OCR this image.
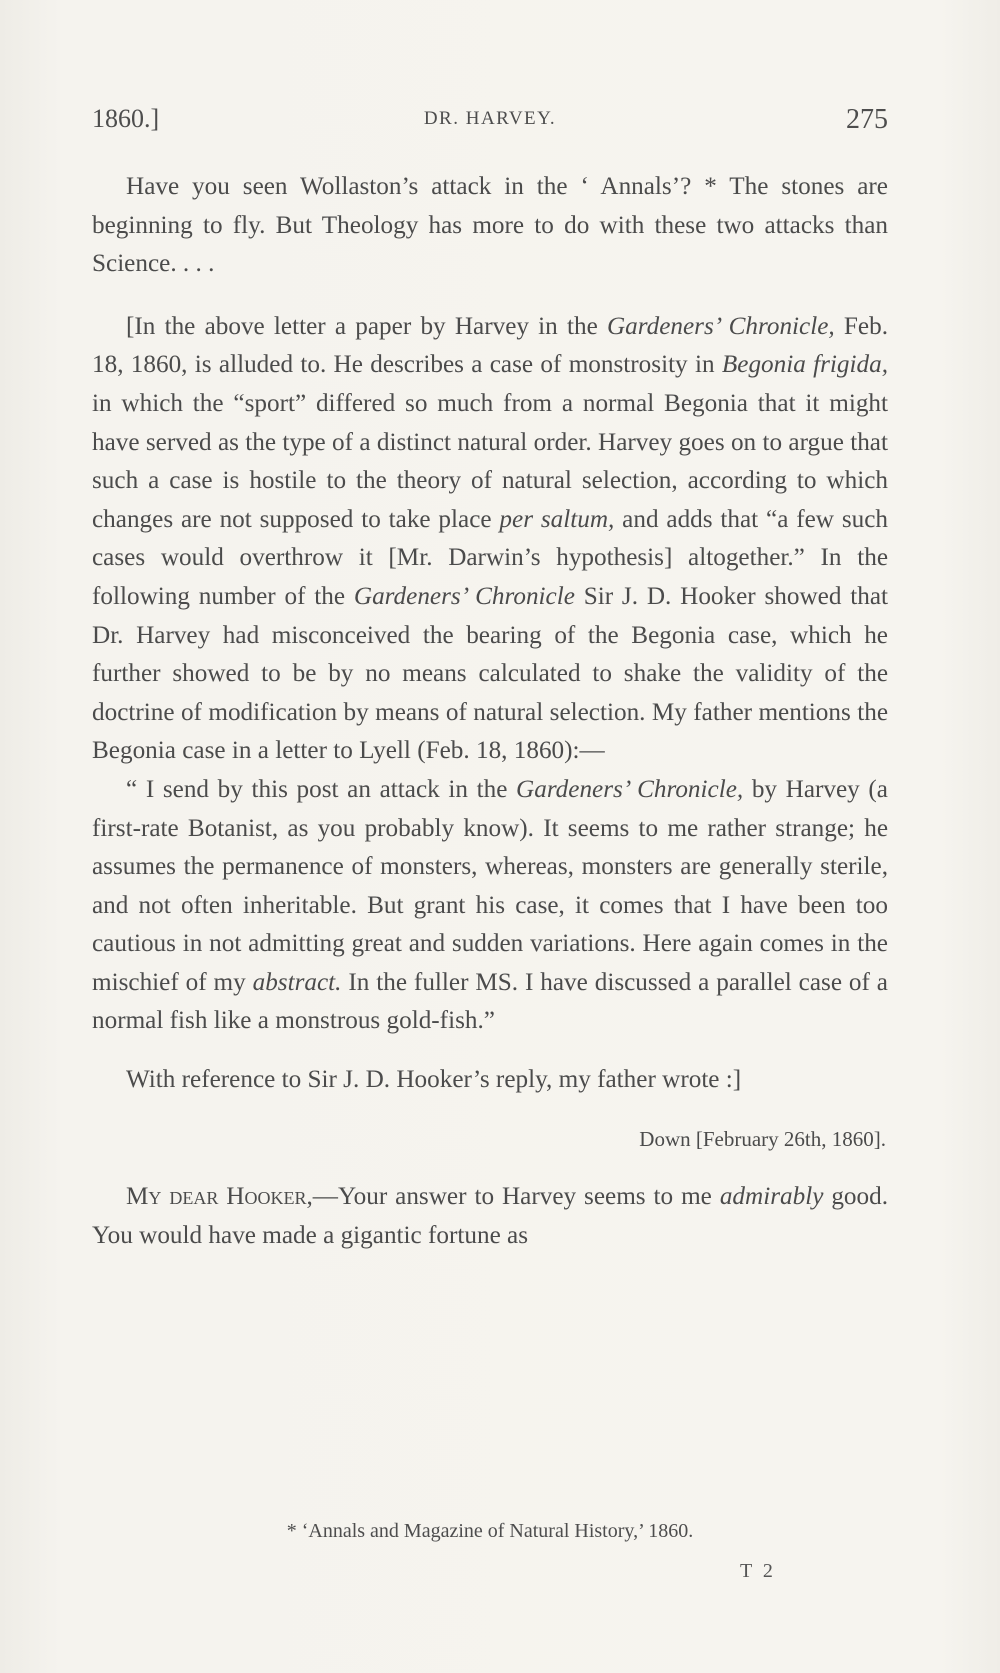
1860.]	DR. HARVEY.	275

Have you seen Wollaston’s attack in the ‘ Annals’? * The stones are beginning to fly. But Theology has more to do with these two attacks than Science. . . .

[In the above letter a paper by Harvey in the Gardeners’ Chronicle, Feb. 18, 1860, is alluded to. He describes a case of monstrosity in Begonia frigida, in which the “sport” differed so much from a normal Begonia that it might have served as the type of a distinct natural order. Harvey goes on to argue that such a case is hostile to the theory of natural selection, according to which changes are not supposed to take place per saltum, and adds that “a few such cases would overthrow it [Mr. Darwin’s hypothesis] altogether.” In the following number of the Gardeners’ Chronicle Sir J. D. Hooker showed that Dr. Harvey had misconceived the bearing of the Begonia case, which he further showed to be by no means calculated to shake the validity of the doctrine of modification by means of natural selection. My father mentions the Begonia case in a letter to Lyell (Feb. 18, 1860):—

“ I send by this post an attack in the Gardeners’ Chronicle, by Harvey (a first-rate Botanist, as you probably know). It seems to me rather strange; he assumes the permanence of monsters, whereas, monsters are generally sterile, and not often inheritable. But grant his case, it comes that I have been too cautious in not admitting great and sudden variations. Here again comes in the mischief of my abstract. In the fuller MS. I have discussed a parallel case of a normal fish like a monstrous gold-fish.”

With reference to Sir J. D. Hooker’s reply, my father wrote :]

Down [February 26th, 1860].

My dear Hooker,—Your answer to Harvey seems to me admirably good. You would have made a gigantic fortune as

* ‘Annals and Magazine of Natural History,’ 1860.
T 2
